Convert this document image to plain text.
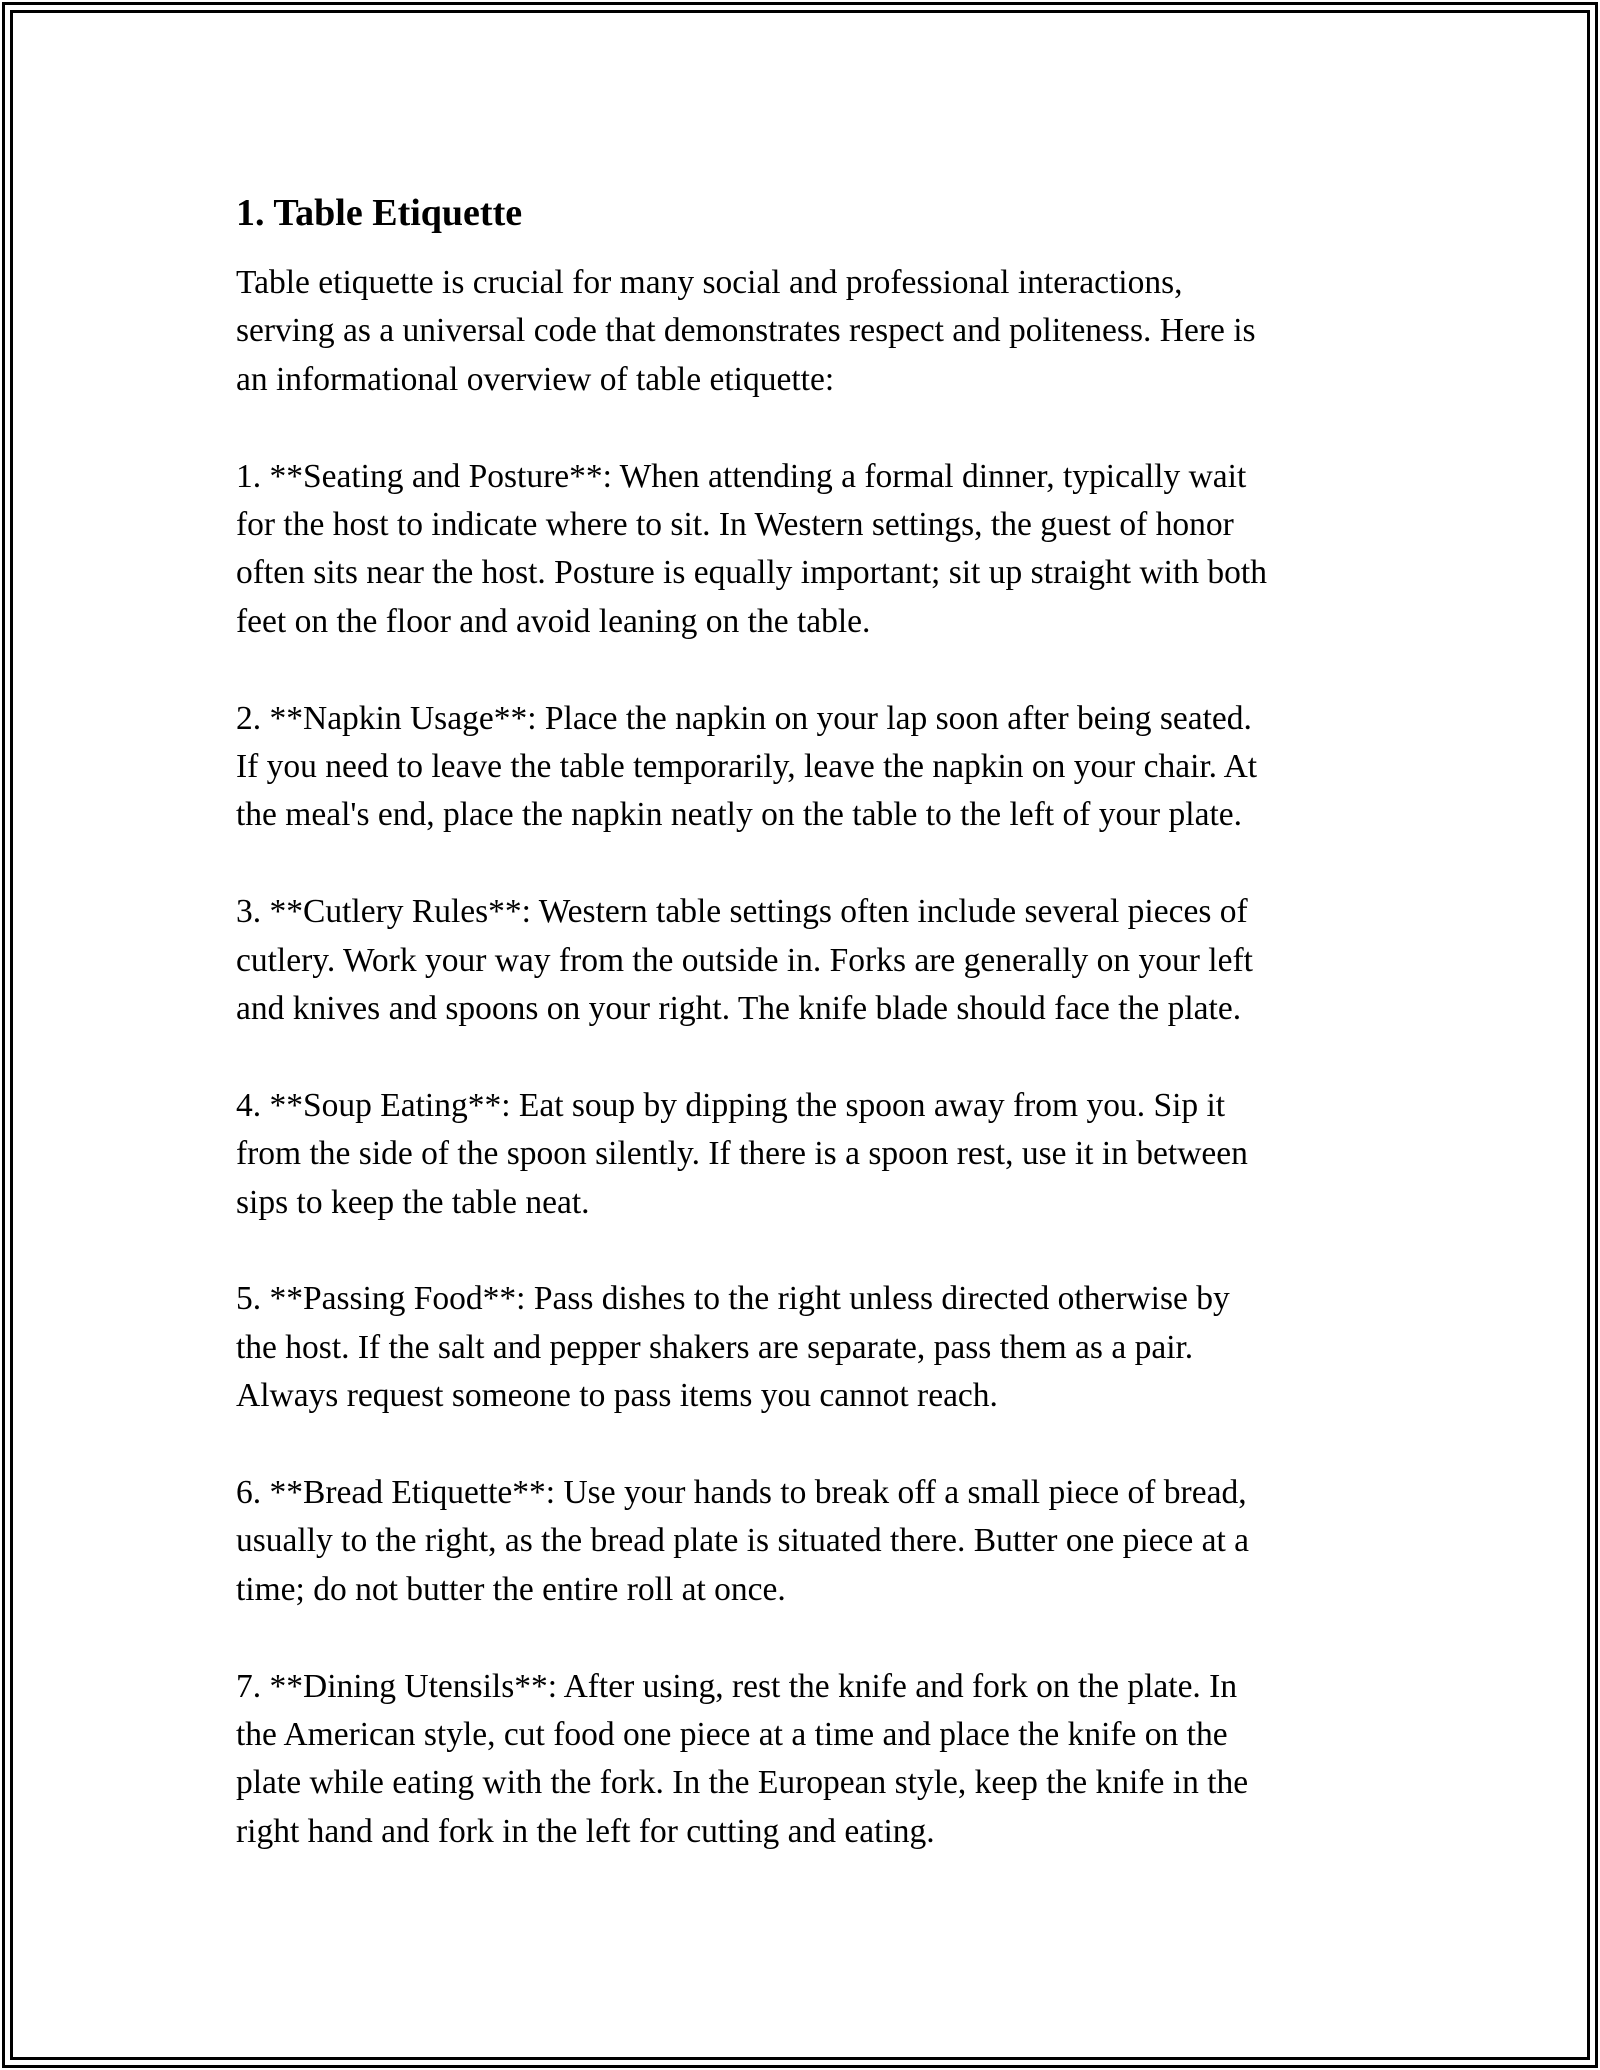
1. Table Etiquette

Table etiquette is crucial for many social and professional interactions,
serving as a universal code that demonstrates respect and politeness. Here is
an informational overview of table etiquette:

1. **Seating and Posture**: When attending a formal dinner, typically wait
for the host to indicate where to sit. In Western settings, the guest of honor
often sits near the host. Posture is equally important; sit up straight with both
feet on the floor and avoid leaning on the table.

2. **Napkin Usage**: Place the napkin on your lap soon after being seated.
If you need to leave the table temporarily, leave the napkin on your chair. At
the meal's end, place the napkin neatly on the table to the left of your plate.

3. **Cutlery Rules**: Western table settings often include several pieces of
cutlery. Work your way from the outside in. Forks are generally on your left
and knives and spoons on your right. The knife blade should face the plate.

4. **Soup Eating**: Eat soup by dipping the spoon away from you. Sip it
from the side of the spoon silently. If there is a spoon rest, use it in between
sips to keep the table neat.

5. **Passing Food**: Pass dishes to the right unless directed otherwise by
the host. If the salt and pepper shakers are separate, pass them as a pair.
Always request someone to pass items you cannot reach.

6. **Bread Etiquette**: Use your hands to break off a small piece of bread,
usually to the right, as the bread plate is situated there. Butter one piece at a
time; do not butter the entire roll at once.

7. **Dining Utensils**: After using, rest the knife and fork on the plate. In
the American style, cut food one piece at a time and place the knife on the
plate while eating with the fork. In the European style, keep the knife in the
right hand and fork in the left for cutting and eating.
